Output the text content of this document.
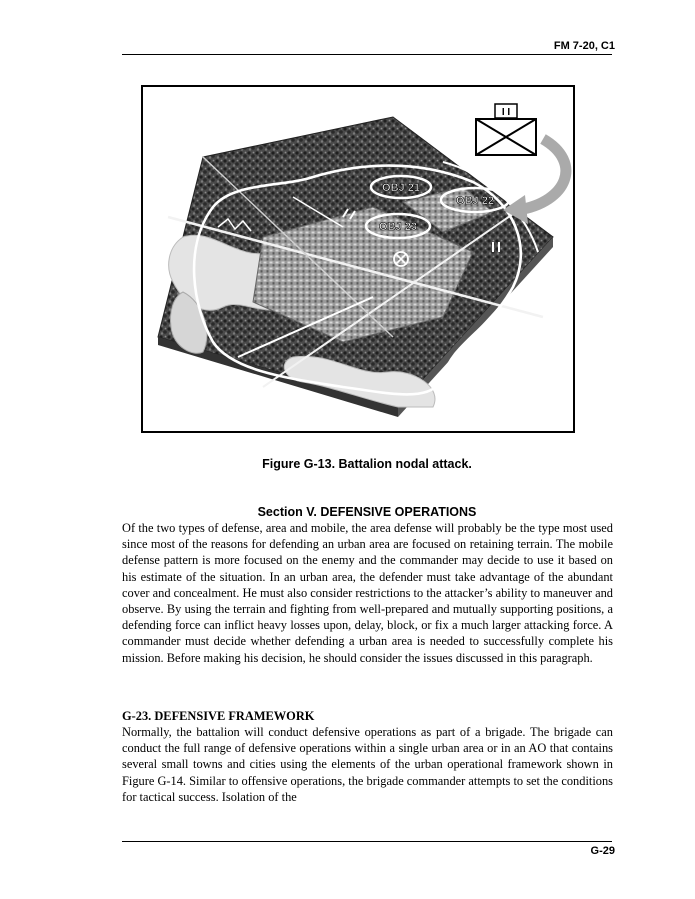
FM 7-20, C1
OBJ 21
OBJ 22
OBJ 23
I I
Figure G-13. Battalion nodal attack.
Section V. DEFENSIVE OPERATIONS

Of the two types of defense, area and mobile, the area defense will probably be the type most used since most of the reasons for defending an urban area are focused on retaining terrain. The mobile defense pattern is more focused on the enemy and the commander may decide to use it based on his estimate of the situation. In an urban area, the defender must take advantage of the abundant cover and concealment. He must also consider restrictions to the attacker’s ability to maneuver and observe. By using the terrain and fighting from well-prepared and mutually supporting positions, a defending force can inflict heavy losses upon, delay, block, or fix a much larger attacking force. A commander must decide whether defending a urban area is needed to successfully complete his mission. Before making his decision, he should consider the issues discussed in this paragraph.

G-23. DEFENSIVE FRAMEWORK

Normally, the battalion will conduct defensive operations as part of a brigade. The brigade can conduct the full range of defensive operations within a single urban area or in an AO that contains several small towns and cities using the elements of the urban operational framework shown in Figure G-14. Similar to offensive operations, the brigade commander attempts to set the conditions for tactical success. Isolation of the

G-29
